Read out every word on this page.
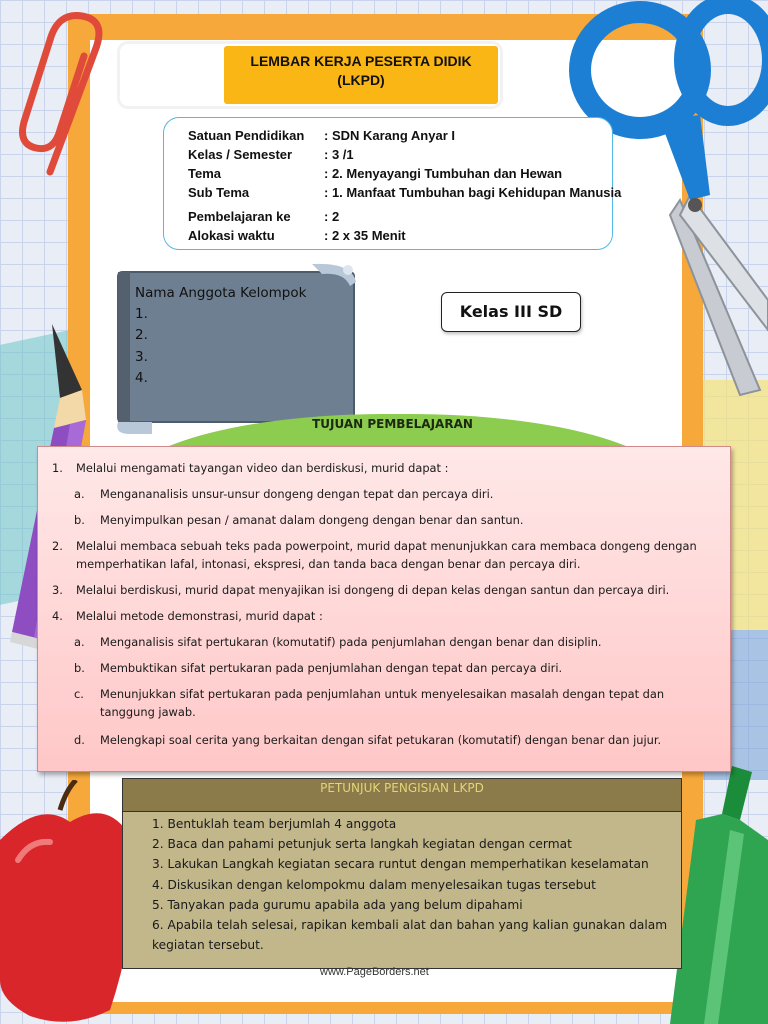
LEMBAR KERJA PESERTA DIDIK
(LKPD)
Satuan Pendidikan : SDN Karang Anyar I
Kelas / Semester : 3 /1
Tema	: 2. Menyayangi Tumbuhan dan Hewan
Sub Tema	: 1. Manfaat Tumbuhan bagi Kehidupan Manusia
Pembelajaran ke	: 2
Alokasi waktu	: 2 x 35 Menit
Nama Anggota Kelompok
1.
2.
3.
4.
Kelas III SD
TUJUAN PEMBELAJARAN
1. Melalui mengamati tayangan video dan berdiskusi, murid dapat :
a. Mengananalisis unsur-unsur dongeng dengan tepat dan percaya diri.
b. Menyimpulkan pesan / amanat dalam dongeng dengan benar dan santun.
2. Melalui membaca sebuah teks pada powerpoint, murid dapat menunjukkan cara membaca dongeng dengan memperhatikan lafal, intonasi, ekspresi, dan tanda baca dengan benar dan percaya diri.
3. Melalui berdiskusi, murid dapat menyajikan isi dongeng di depan kelas dengan santun dan percaya diri.
4. Melalui metode demonstrasi, murid dapat :
a. Menganalisis sifat pertukaran (komutatif) pada penjumlahan dengan benar dan disiplin.
b. Membuktikan sifat pertukaran pada penjumlahan dengan tepat dan percaya diri.
c. Menunjukkan sifat pertukaran pada penjumlahan untuk menyelesaikan masalah dengan tepat dan tanggung jawab.
d. Melengkapi soal cerita yang berkaitan dengan sifat petukaran (komutatif) dengan benar dan jujur.
PETUNJUK PENGISIAN LKPD
1. Bentuklah team berjumlah 4 anggota
2. Baca dan pahami petunjuk serta langkah kegiatan dengan cermat
3. Lakukan Langkah kegiatan secara runtut dengan memperhatikan keselamatan
4. Diskusikan dengan kelompokmu dalam menyelesaikan tugas tersebut
5. Tanyakan pada gurumu apabila ada yang belum dipahami
6. Apabila telah selesai, rapikan kembali alat dan bahan yang kalian gunakan dalam kegiatan tersebut.
www.PageBorders.net
